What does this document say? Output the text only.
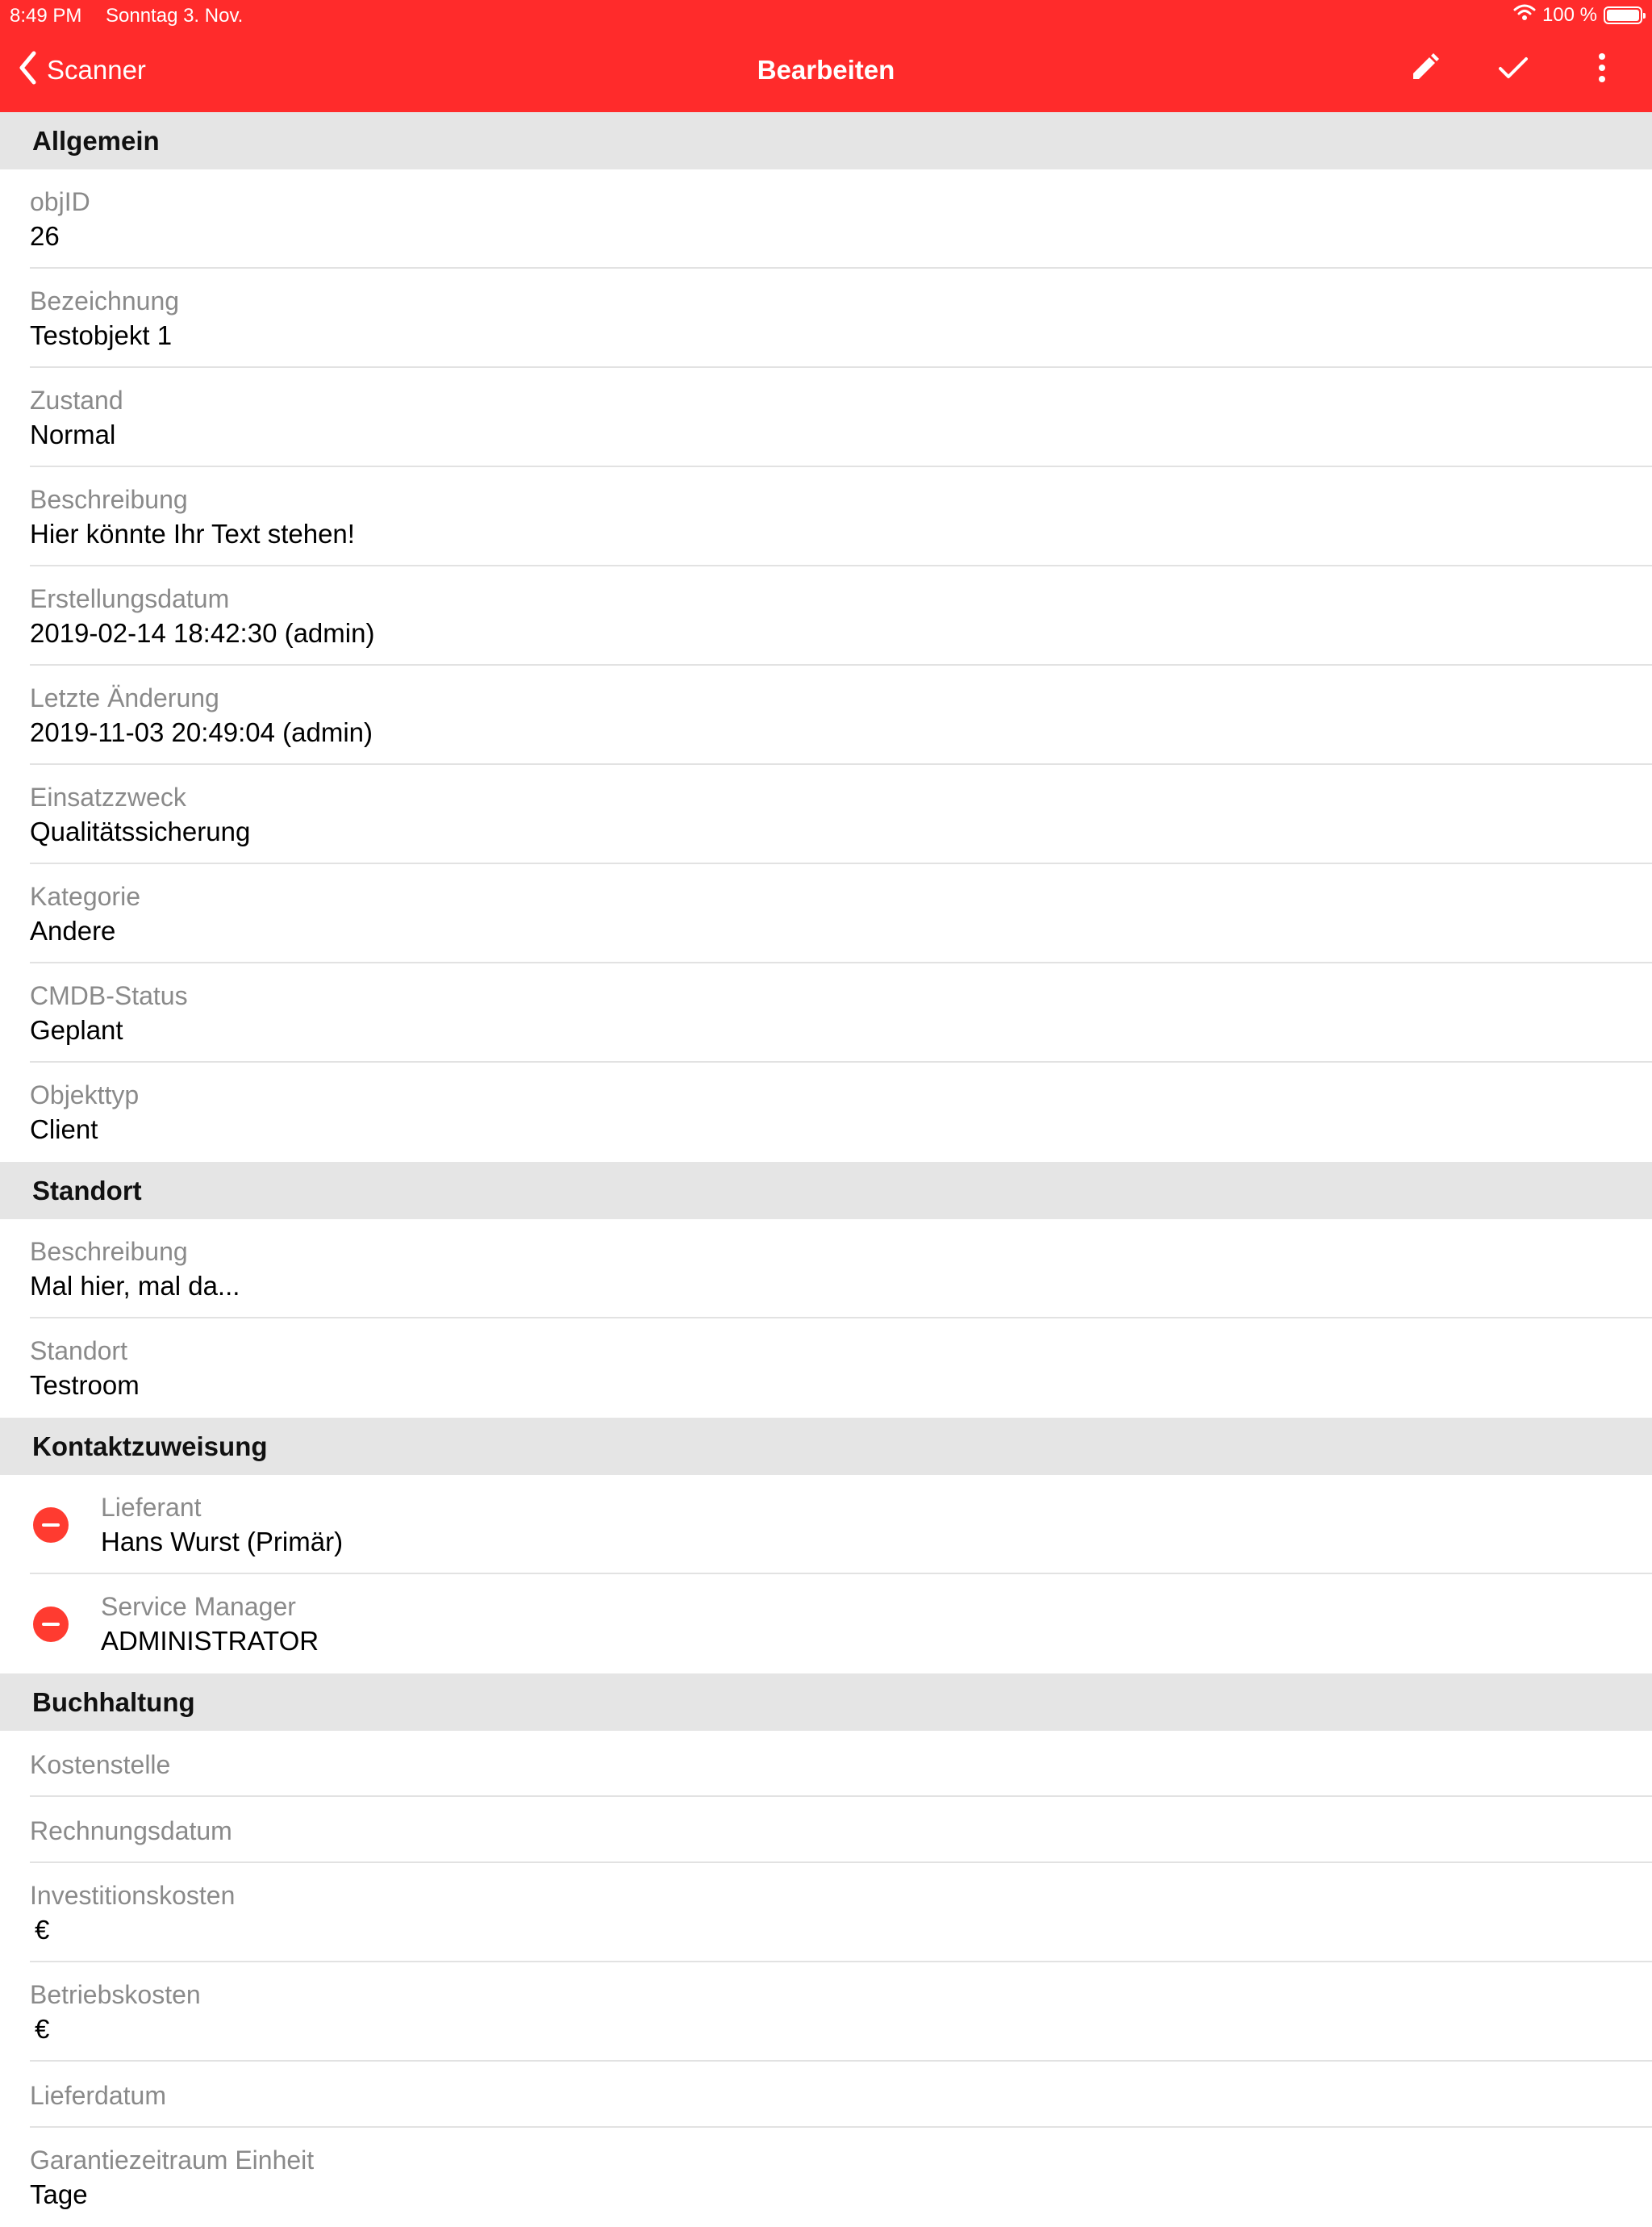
8:49 PM Sonntag 3. Nov.	100 %
Scanner	Bearbeiten
Allgemein
objID
26
Bezeichnung
Testobjekt 1
Zustand
Normal
Beschreibung
Hier könnte Ihr Text stehen!
Erstellungsdatum
2019-02-14 18:42:30 (admin)
Letzte Änderung
2019-11-03 20:49:04 (admin)
Einsatzzweck
Qualitätssicherung
Kategorie
Andere
CMDB-Status
Geplant
Objekttyp
Client
Standort
Beschreibung
Mal hier, mal da...
Standort
Testroom
Kontaktzuweisung
Lieferant
Hans Wurst (Primär)
Service Manager
ADMINISTRATOR
Buchhaltung
Kostenstelle
Rechnungsdatum
Investitionskosten
€
Betriebskosten
€
Lieferdatum
Garantiezeitraum Einheit
Tage
